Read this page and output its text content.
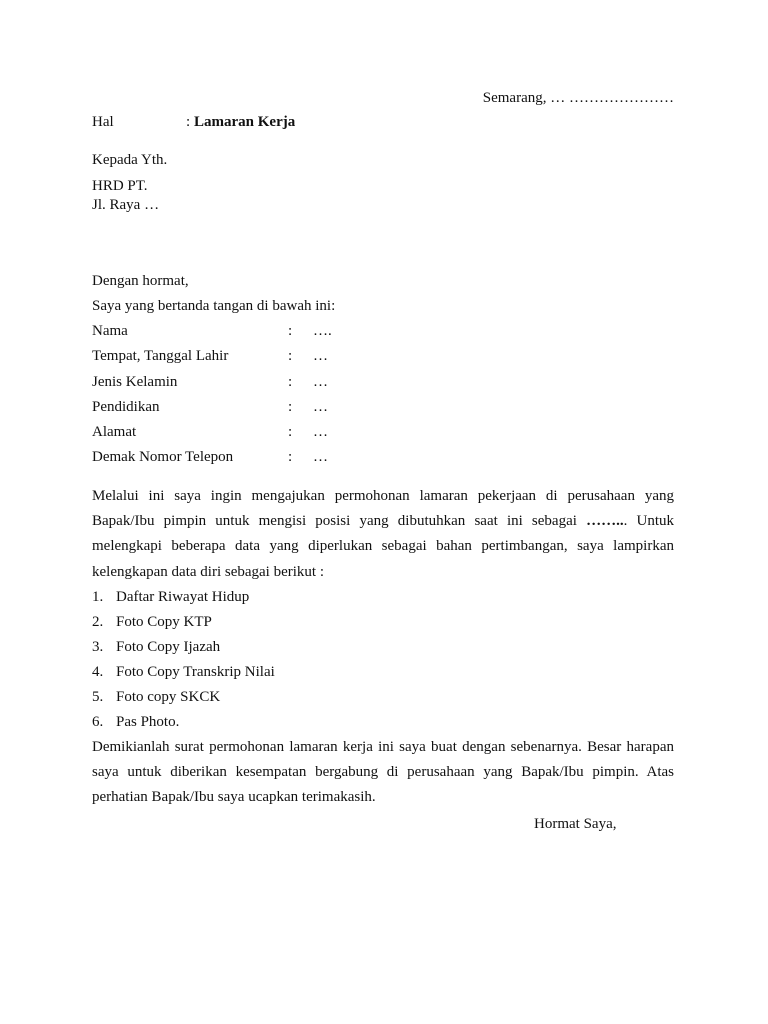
Semarang, … …………………
Hal	: Lamaran Kerja
Kepada Yth.
HRD PT.
Jl. Raya …
Dengan hormat,
Saya yang bertanda tangan di bawah ini:
Nama	: ….
Tempat, Tanggal Lahir	: …
Jenis Kelamin	: …
Pendidikan	: …
Alamat	: …
Demak Nomor Telepon	: …
Melalui ini saya ingin mengajukan permohonan lamaran pekerjaan di perusahaan yang Bapak/Ibu pimpin untuk mengisi posisi yang dibutuhkan saat ini sebagai ……... Untuk melengkapi beberapa data yang diperlukan sebagai bahan pertimbangan, saya lampirkan kelengkapan data diri sebagai berikut :
1. Daftar Riwayat Hidup
2. Foto Copy KTP
3. Foto Copy Ijazah
4. Foto Copy Transkrip Nilai
5. Foto copy SKCK
6. Pas Photo.
Demikianlah surat permohonan lamaran kerja ini saya buat dengan sebenarnya. Besar harapan saya untuk diberikan kesempatan bergabung di perusahaan yang Bapak/Ibu pimpin. Atas perhatian Bapak/Ibu saya ucapkan terimakasih.
Hormat Saya,
